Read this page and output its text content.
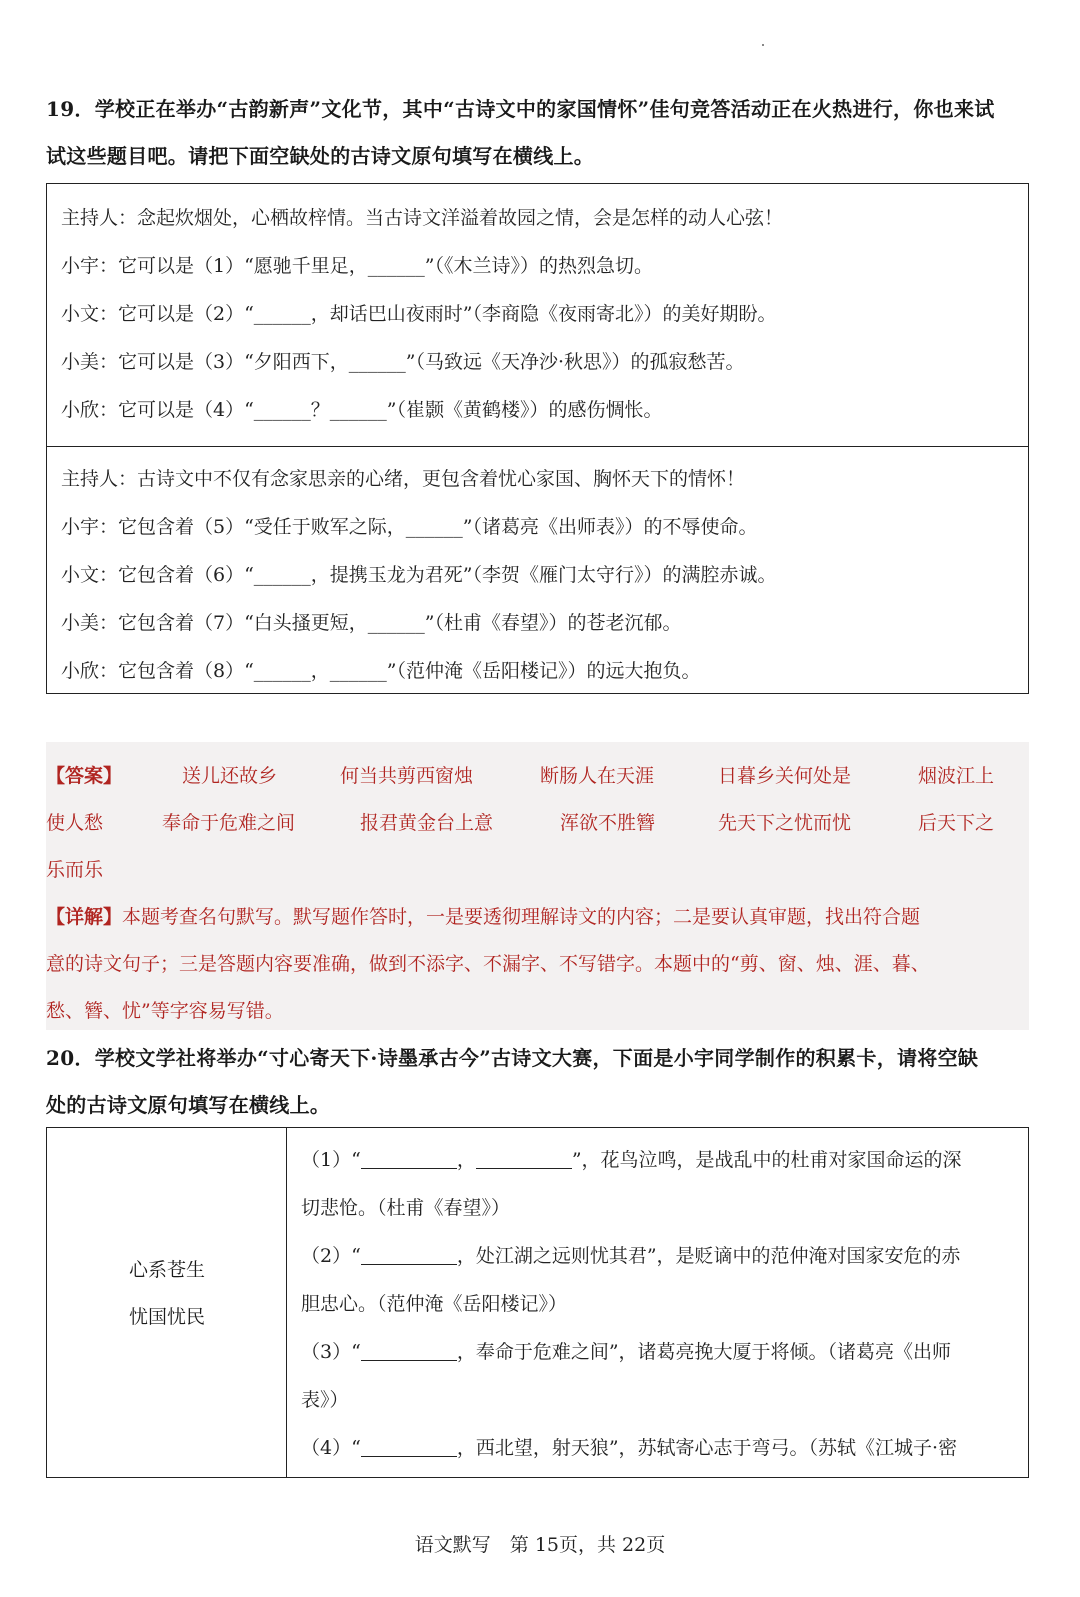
19．学校正在举办“古韵新声”文化节，其中“古诗文中的家国情怀”佳句竞答活动正在火热进行，你也来试
试这些题目吧。请把下面空缺处的古诗文原句填写在横线上。
主持人：念起炊烟处，心栖故梓情。当古诗文洋溢着故园之情，会是怎样的动人心弦！
小宇：它可以是（1）“愿驰千里足，______”（《木兰诗》）的热烈急切。
小文：它可以是（2）“______，却话巴山夜雨时”（李商隐《夜雨寄北》）的美好期盼。
小美：它可以是（3）“夕阳西下，______”（马致远《天净沙·秋思》）的孤寂愁苦。
小欣：它可以是（4）“______？______”（崔颢《黄鹤楼》）的感伤惆怅。
主持人：古诗文中不仅有念家思亲的心绪，更包含着忧心家国、胸怀天下的情怀！
小宇：它包含着（5）“受任于败军之际，______”（诸葛亮《出师表》）的不辱使命。
小文：它包含着（6）“______，提携玉龙为君死”（李贺《雁门太守行》）的满腔赤诚。
小美：它包含着（7）“白头搔更短，______”（杜甫《春望》）的苍老沉郁。
小欣：它包含着（8）“______，______”（范仲淹《岳阳楼记》）的远大抱负。
【答案】	送儿还故乡	何当共剪西窗烛	断肠人在天涯	日暮乡关何处是	烟波江上
使人愁	奉命于危难之间	报君黄金台上意	浑欲不胜簪	先天下之忧而忧	后天下之
乐而乐
【详解】本题考查名句默写。默写题作答时，一是要透彻理解诗文的内容；二是要认真审题，找出符合题
意的诗文句子；三是答题内容要准确，做到不添字、不漏字、不写错字。本题中的“剪、窗、烛、涯、暮、
愁、簪、忧”等字容易写错。
20．学校文学社将举办“寸心寄天下·诗墨承古今”古诗文大赛，下面是小宇同学制作的积累卡，请将空缺
处的古诗文原句填写在横线上。
心系苍生
忧国忧民
（1）“	，	”，花鸟泣鸣，是战乱中的杜甫对家国命运的深
切悲怆。（杜甫《春望》）
（2）“	，处江湖之远则忧其君”，是贬谪中的范仲淹对国家安危的赤
胆忠心。（范仲淹《岳阳楼记》）
（3）“	，奉命于危难之间”，诸葛亮挽大厦于将倾。（诸葛亮《出师
表》）
（4）“	，西北望，射天狼”，苏轼寄心志于弯弓。（苏轼《江城子·密
语文默写　第 15页，共 22页
